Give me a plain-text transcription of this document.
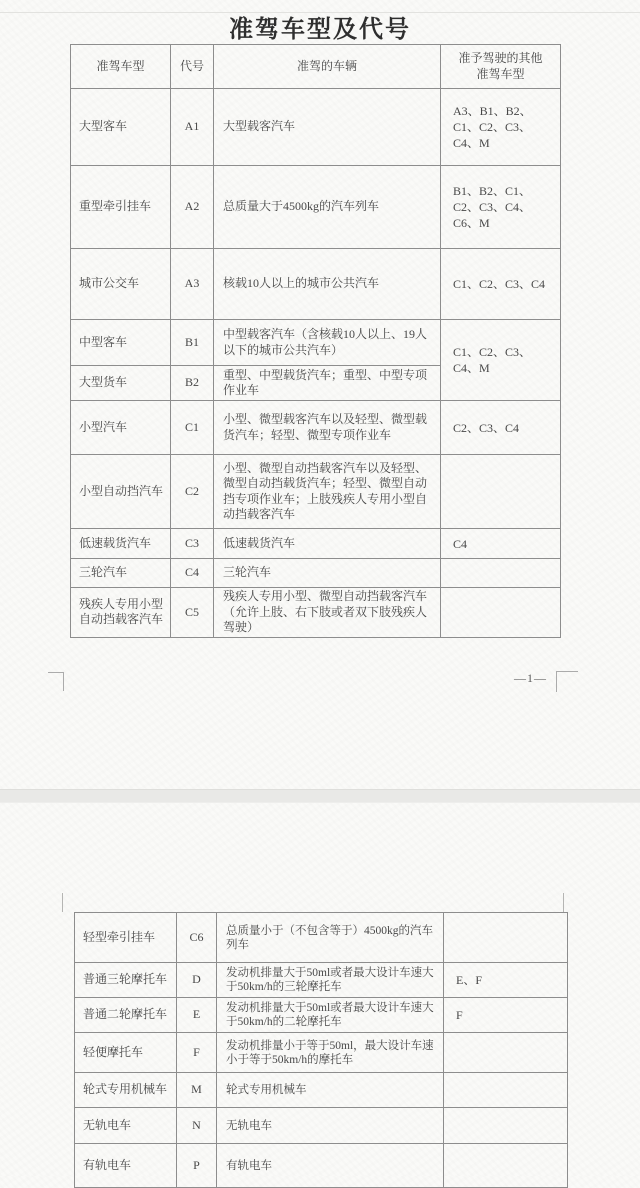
准驾车型及代号
准驾车型	代号	准驾的车辆	准予驾驶的其他准驾车型
大型客车	A1	大型载客汽车	A3、B1、B2、C1、C2、C3、C4、M
重型牵引挂车	A2	总质量大于4500kg的汽车列车	B1、B2、C1、C2、C3、C4、C6、M
城市公交车	A3	核载10人以上的城市公共汽车	C1、C2、C3、C4
中型客车	B1	中型载客汽车（含核载10人以上、19人以下的城市公共汽车）	C1、C2、C3、C4、M
大型货车	B2	重型、中型载货汽车；重型、中型专项作业车	
小型汽车	C1	小型、微型载客汽车以及轻型、微型载货汽车；轻型、微型专项作业车	C2、C3、C4
小型自动挡汽车	C2	小型、微型自动挡载客汽车以及轻型、微型自动挡载货汽车；轻型、微型自动挡专项作业车；上肢残疾人专用小型自动挡载客汽车	
低速载货汽车	C3	低速载货汽车	C4
三轮汽车	C4	三轮汽车	
残疾人专用小型自动挡载客汽车	C5	残疾人专用小型、微型自动挡载客汽车（允许上肢、右下肢或者双下肢残疾人驾驶）	
—1—
轻型牵引挂车	C6	总质量小于（不包含等于）4500kg的汽车列车	
普通三轮摩托车	D	发动机排量大于50ml或者最大设计车速大于50km/h的三轮摩托车	E、F
普通二轮摩托车	E	发动机排量大于50ml或者最大设计车速大于50km/h的二轮摩托车	F
轻便摩托车	F	发动机排量小于等于50ml，最大设计车速小于等于50km/h的摩托车	
轮式专用机械车	M	轮式专用机械车	
无轨电车	N	无轨电车	
有轨电车	P	有轨电车	
